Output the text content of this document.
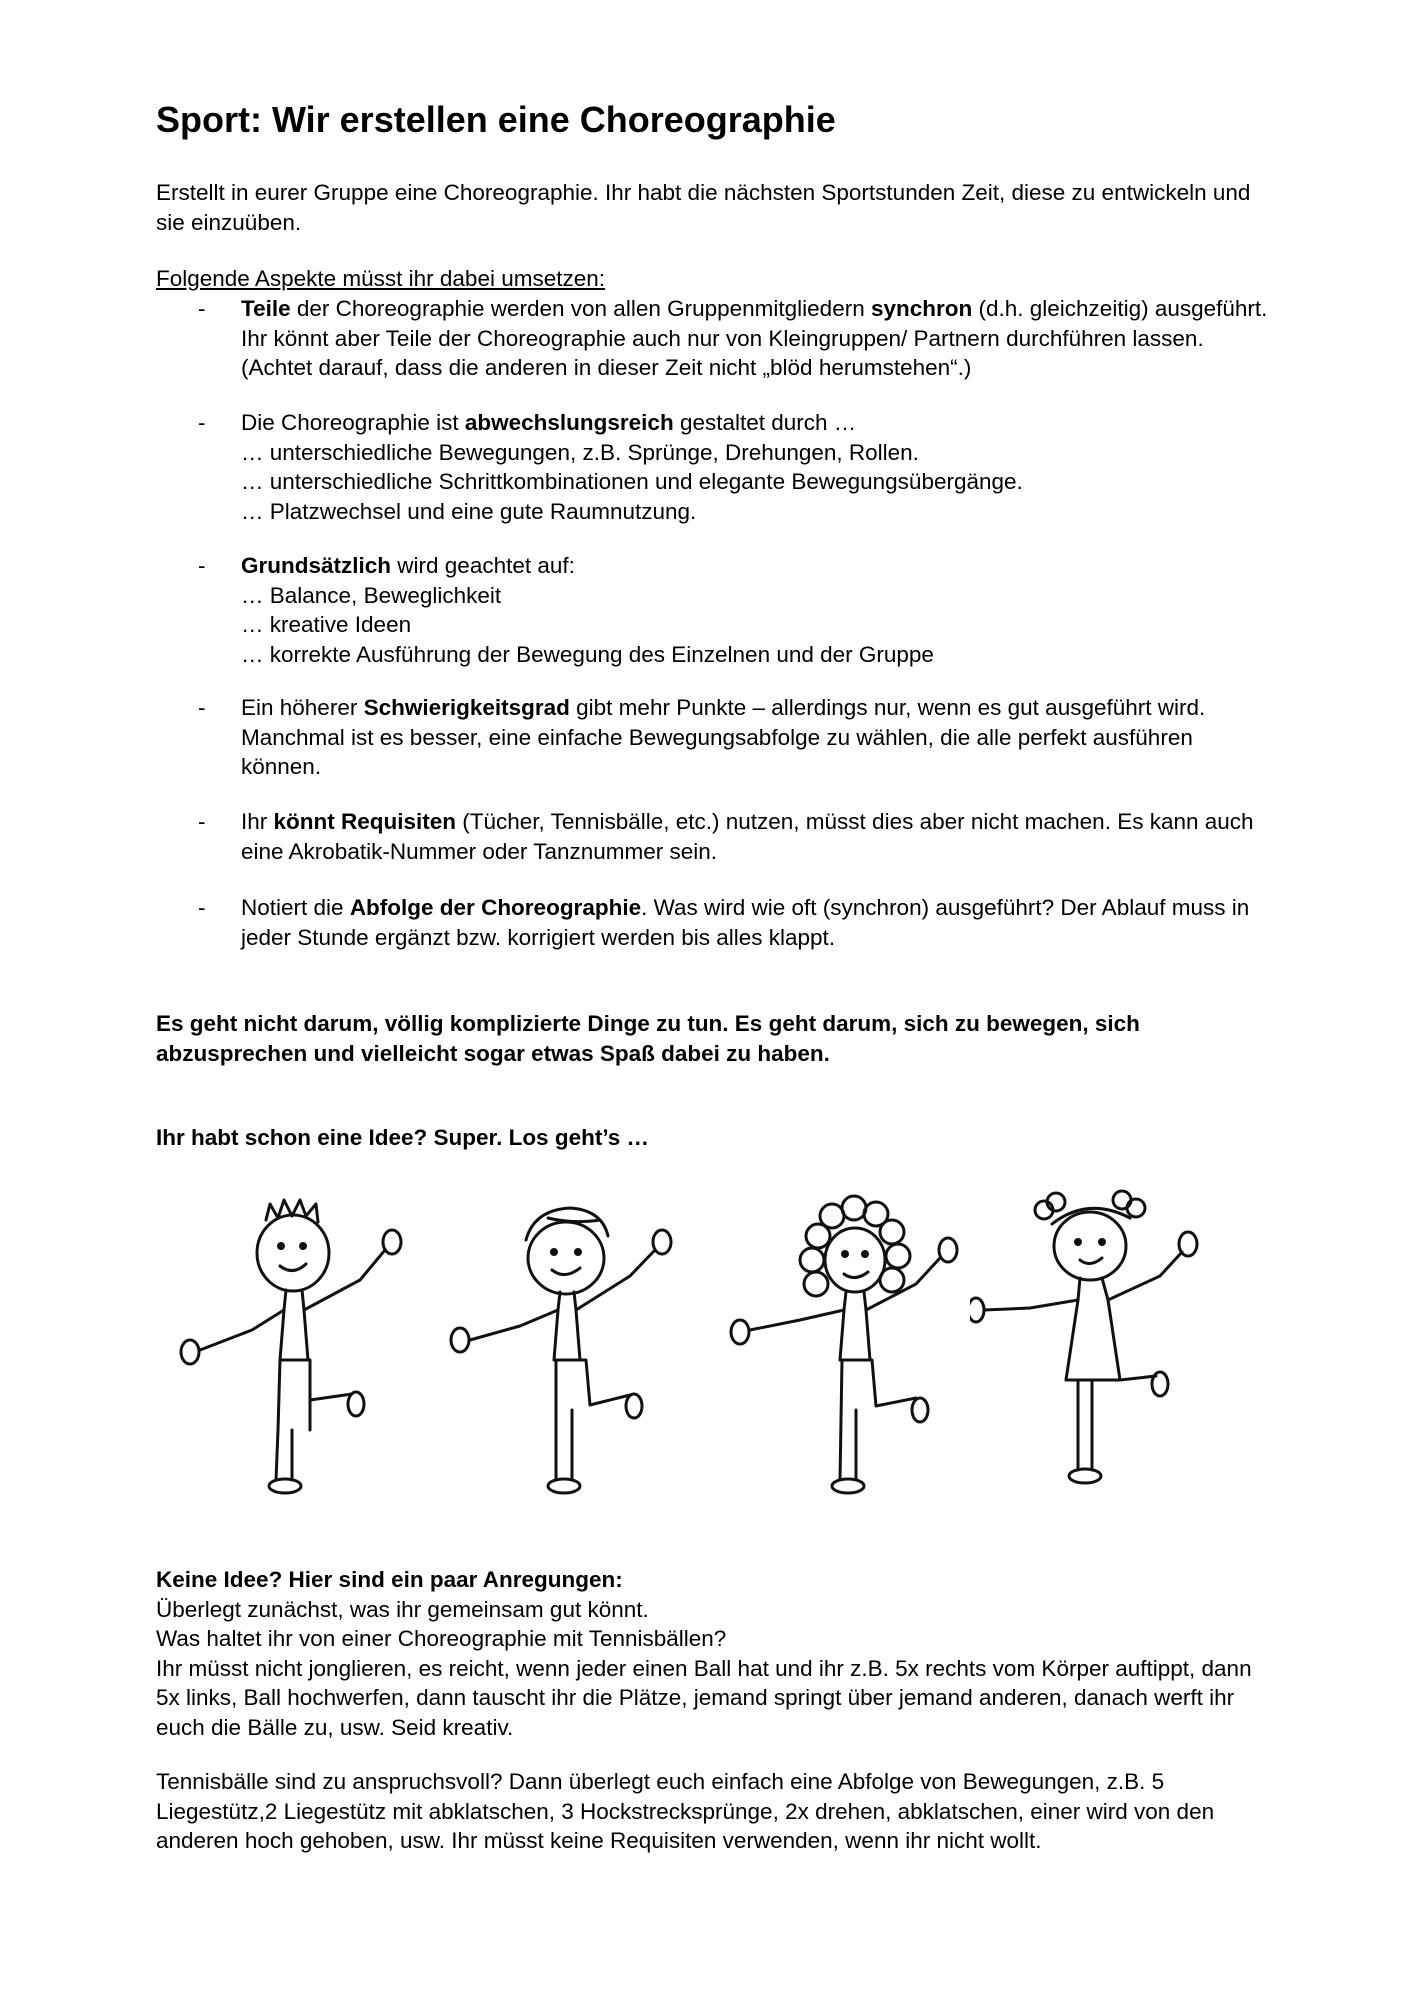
Sport: Wir erstellen eine Choreographie

Erstellt in eurer Gruppe eine Choreographie. Ihr habt die nächsten Sportstunden Zeit, diese zu entwickeln und sie einzuüben.

Folgende Aspekte müsst ihr dabei umsetzen:

- Teile der Choreographie werden von allen Gruppenmitgliedern synchron (d.h. gleichzeitig) ausgeführt. Ihr könnt aber Teile der Choreographie auch nur von Kleingruppen/ Partnern durchführen lassen. (Achtet darauf, dass die anderen in dieser Zeit nicht „blöd herumstehen“.)

- Die Choreographie ist abwechslungsreich gestaltet durch …

… unterschiedliche Bewegungen, z.B. Sprünge, Drehungen, Rollen.

… unterschiedliche Schrittkombinationen und elegante Bewegungsübergänge.

… Platzwechsel und eine gute Raumnutzung.

- Grundsätzlich wird geachtet auf:

… Balance, Beweglichkeit

… kreative Ideen

… korrekte Ausführung der Bewegung des Einzelnen und der Gruppe

- Ein höherer Schwierigkeitsgrad gibt mehr Punkte – allerdings nur, wenn es gut ausgeführt wird. Manchmal ist es besser, eine einfache Bewegungsabfolge zu wählen, die alle perfekt ausführen können.

- Ihr könnt Requisiten (Tücher, Tennisbälle, etc.) nutzen, müsst dies aber nicht machen. Es kann auch eine Akrobatik-Nummer oder Tanznummer sein.

- Notiert die Abfolge der Choreographie. Was wird wie oft (synchron) ausgeführt? Der Ablauf muss in jeder Stunde ergänzt bzw. korrigiert werden bis alles klappt.

Es geht nicht darum, völlig komplizierte Dinge zu tun. Es geht darum, sich zu bewegen, sich abzusprechen und vielleicht sogar etwas Spaß dabei zu haben.

Ihr habt schon eine Idee? Super. Los geht’s …

Keine Idee? Hier sind ein paar Anregungen:

Überlegt zunächst, was ihr gemeinsam gut könnt.

Was haltet ihr von einer Choreographie mit Tennisbällen?

Ihr müsst nicht jonglieren, es reicht, wenn jeder einen Ball hat und ihr z.B. 5x rechts vom Körper auftippt, dann 5x links, Ball hochwerfen, dann tauscht ihr die Plätze, jemand springt über jemand anderen, danach werft ihr euch die Bälle zu, usw. Seid kreativ.

Tennisbälle sind zu anspruchsvoll? Dann überlegt euch einfach eine Abfolge von Bewegungen, z.B. 5 Liegestütz,2 Liegestütz mit abklatschen, 3 Hockstrecksprünge, 2x drehen, abklatschen, einer wird von den anderen hoch gehoben, usw. Ihr müsst keine Requisiten verwenden, wenn ihr nicht wollt.
